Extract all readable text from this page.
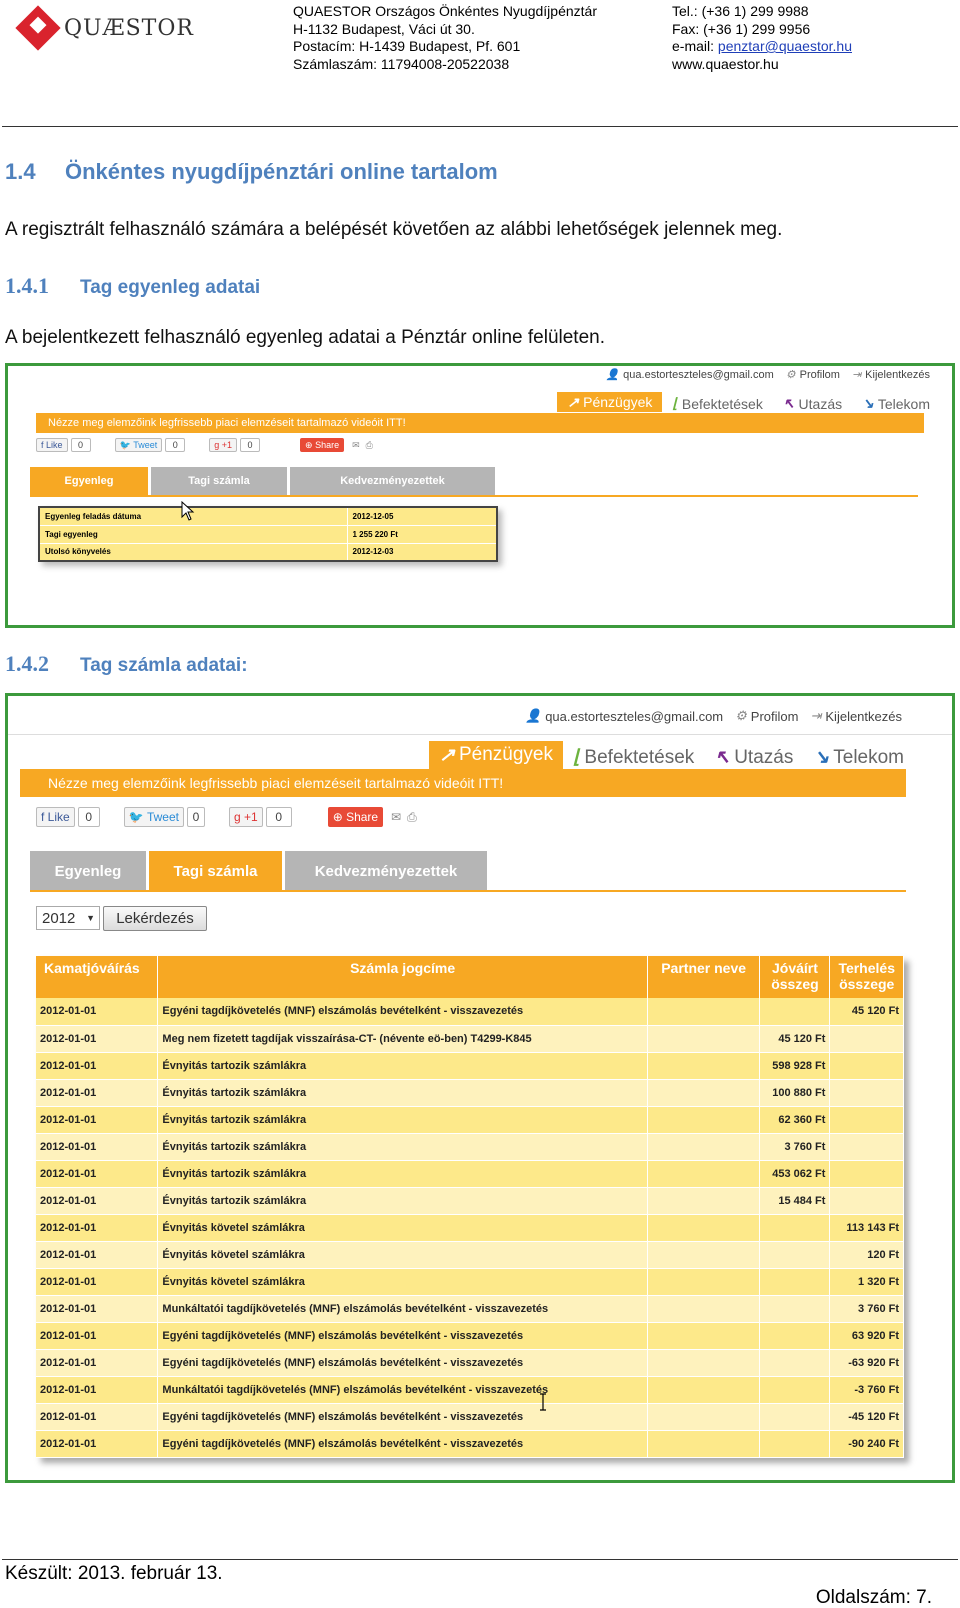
QUÆSTOR
QUAESTOR Országos Önkéntes Nyugdíjpénztár
H-1132 Budapest, Váci út 30.
Postacím: H-1439 Budapest, Pf. 601
Számlaszám: 11794008-20522038
Tel.: (+36 1) 299 9988
Fax: (+36 1) 299 9956
e-mail: penztar@quaestor.hu
www.quaestor.hu
1.4 Önkéntes nyugdíjpénztári online tartalom
A regisztrált felhasználó számára a belépését követően az alábbi lehetőségek jelennek meg.
1.4.1 Tag egyenleg adatai
A bejelentkezett felhasználó egyenleg adatai a Pénztár online felületen.
👤 qua.estorteszteles@gmail.com ⚙ Profilom ⇥ Kijelentkezés
↗ Pénzügyek ⌊ Befektetések ↖ Utazás ↘ Telekom
Nézze meg elemzőink legfrissebb piaci elemzéseit tartalmazó videóit ITT!
f Like	0	🐦 Tweet	0	g +1	0	⊕ Share ✉ ⎙
Egyenleg	Tagi számla	Kedvezményezettek
Egyenleg feladás dátuma	2012-12-05
Tagi egyenleg	1 255 220 Ft
Utolsó könyvelés	2012-12-03
1.4.2 Tag számla adatai:
👤 qua.estorteszteles@gmail.com ⚙ Profilom ⇥ Kijelentkezés
↗ Pénzügyek ⌊ Befektetések ↖ Utazás ↘ Telekom
Nézze meg elemzőink legfrissebb piaci elemzéseit tartalmazó videóit ITT!
f Like	0	🐦 Tweet	0	g +1	0	⊕ Share ✉ ⎙
Egyenleg	Tagi számla	Kedvezményezettek
2012 ▼	Lekérdezés
Kamatjóváírás	Számla jogcíme	Partner neve	Jóváírt összeg	Terhelés összege
2012-01-01	Egyéni tagdíjkövetelés (MNF) elszámolás bevételként - visszavezetés			45 120 Ft
2012-01-01	Meg nem fizetett tagdíjak visszaírása-CT- (névente eö-ben) T4299-K845		45 120 Ft	
2012-01-01	Évnyitás tartozik számlákra		598 928 Ft	
2012-01-01	Évnyitás tartozik számlákra		100 880 Ft	
2012-01-01	Évnyitás tartozik számlákra		62 360 Ft	
2012-01-01	Évnyitás tartozik számlákra		3 760 Ft	
2012-01-01	Évnyitás tartozik számlákra		453 062 Ft	
2012-01-01	Évnyitás tartozik számlákra		15 484 Ft	
2012-01-01	Évnyitás követel számlákra			113 143 Ft
2012-01-01	Évnyitás követel számlákra			120 Ft
2012-01-01	Évnyitás követel számlákra			1 320 Ft
2012-01-01	Munkáltatói tagdíjkövetelés (MNF) elszámolás bevételként - visszavezetés			3 760 Ft
2012-01-01	Egyéni tagdíjkövetelés (MNF) elszámolás bevételként - visszavezetés			63 920 Ft
2012-01-01	Egyéni tagdíjkövetelés (MNF) elszámolás bevételként - visszavezetés			-63 920 Ft
2012-01-01	Munkáltatói tagdíjkövetelés (MNF) elszámolás bevételként - visszavezetés			-3 760 Ft
2012-01-01	Egyéni tagdíjkövetelés (MNF) elszámolás bevételként - visszavezetés			-45 120 Ft
2012-01-01	Egyéni tagdíjkövetelés (MNF) elszámolás bevételként - visszavezetés			-90 240 Ft
Készült: 2013. február 13.
Oldalszám: 7.
